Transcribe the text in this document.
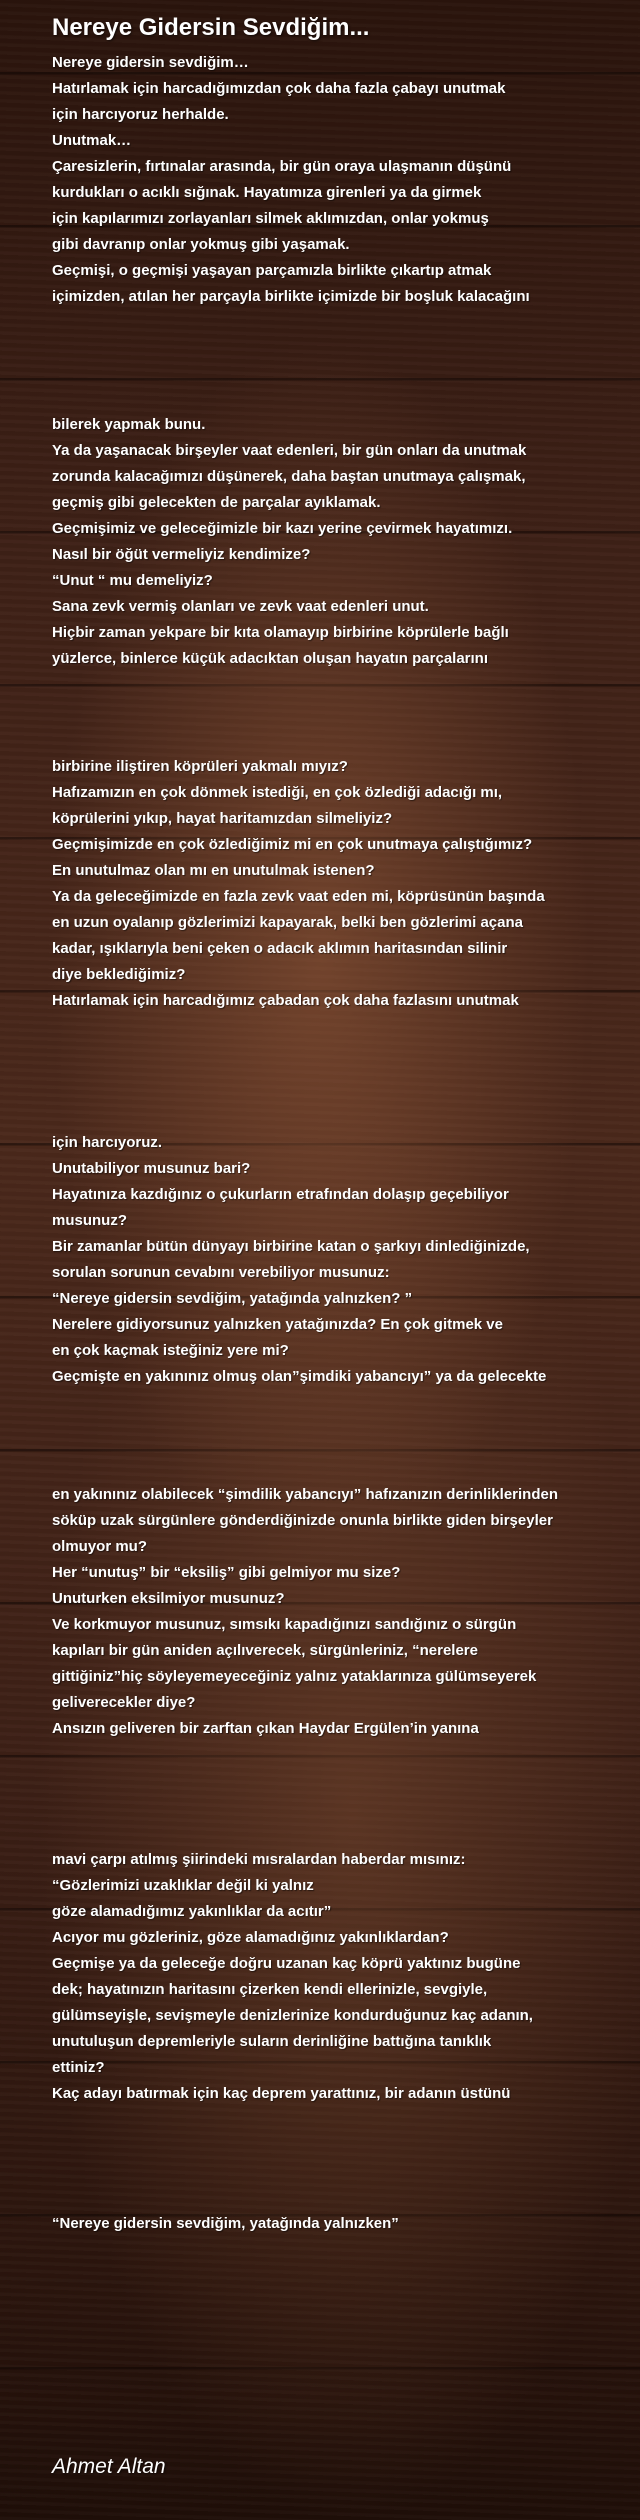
Nereye Gidersin Sevdiğim...
Nereye gidersin sevdiğim…
Hatırlamak için harcadığımızdan çok daha fazla çabayı unutmak
için harcıyoruz herhalde.
Unutmak…
Çaresizlerin, fırtınalar arasında, bir gün oraya ulaşmanın düşünü
kurdukları o acıklı sığınak. Hayatımıza girenleri ya da girmek
için kapılarımızı zorlayanları silmek aklımızdan, onlar yokmuş
gibi davranıp onlar yokmuş gibi yaşamak.
Geçmişi, o geçmişi yaşayan parçamızla birlikte çıkartıp atmak
içimizden, atılan her parçayla birlikte içimizde bir boşluk kalacağını
bilerek yapmak bunu.
Ya da yaşanacak birşeyler vaat edenleri, bir gün onları da unutmak
zorunda kalacağımızı düşünerek, daha baştan unutmaya çalışmak,
geçmiş gibi gelecekten de parçalar ayıklamak.
Geçmişimiz ve geleceğimizle bir kazı yerine çevirmek hayatımızı.
Nasıl bir öğüt vermeliyiz kendimize?
“Unut “ mu demeliyiz?
Sana zevk vermiş olanları ve zevk vaat edenleri unut.
Hiçbir zaman yekpare bir kıta olamayıp birbirine köprülerle bağlı
yüzlerce, binlerce küçük adacıktan oluşan hayatın parçalarını
birbirine iliştiren köprüleri yakmalı mıyız?
Hafızamızın en çok dönmek istediği, en çok özlediği adacığı mı,
köprülerini yıkıp, hayat haritamızdan silmeliyiz?
Geçmişimizde en çok özlediğimiz mi en çok unutmaya çalıştığımız?
En unutulmaz olan mı en unutulmak istenen?
Ya da geleceğimizde en fazla zevk vaat eden mi, köprüsünün başında
en uzun oyalanıp gözlerimizi kapayarak, belki ben gözlerimi açana
kadar, ışıklarıyla beni çeken o adacık aklımın haritasından silinir
diye beklediğimiz?
Hatırlamak için harcadığımız çabadan çok daha fazlasını unutmak
için harcıyoruz.
Unutabiliyor musunuz bari?
Hayatınıza kazdığınız o çukurların etrafından dolaşıp geçebiliyor
musunuz?
Bir zamanlar bütün dünyayı birbirine katan o şarkıyı dinlediğinizde,
sorulan sorunun cevabını verebiliyor musunuz:
“Nereye gidersin sevdiğim, yatağında yalnızken? ”
Nerelere gidiyorsunuz yalnızken yatağınızda? En çok gitmek ve
en çok kaçmak isteğiniz yere mi?
Geçmişte en yakınınız olmuş olan”şimdiki yabancıyı” ya da gelecekte
en yakınınız olabilecek “şimdilik yabancıyı” hafızanızın derinliklerinden
söküp uzak sürgünlere gönderdiğinizde onunla birlikte giden birşeyler
olmuyor mu?
Her “unutuş” bir “eksiliş” gibi gelmiyor mu size?
Unuturken eksilmiyor musunuz?
Ve korkmuyor musunuz, sımsıkı kapadığınızı sandığınız o sürgün
kapıları bir gün aniden açılıverecek, sürgünleriniz, “nerelere
gittiğiniz”hiç söyleyemeyeceğiniz yalnız yataklarınıza gülümseyerek
geliverecekler diye?
Ansızın geliveren bir zarftan çıkan Haydar Ergülen’in yanına
mavi çarpı atılmış şiirindeki mısralardan haberdar mısınız:
“Gözlerimizi uzaklıklar değil ki yalnız
göze alamadığımız yakınlıklar da acıtır”
Acıyor mu gözleriniz, göze alamadığınız yakınlıklardan?
Geçmişe ya da geleceğe doğru uzanan kaç köprü yaktınız bugüne
dek; hayatınızın haritasını çizerken kendi ellerinizle, sevgiyle,
gülümseyişle, sevişmeyle denizlerinize kondurduğunuz kaç adanın,
unutuluşun depremleriyle suların derinliğine battığına tanıklık
ettiniz?
Kaç adayı batırmak için kaç deprem yarattınız, bir adanın üstünü
“Nereye gidersin sevdiğim, yatağında yalnızken”
Ahmet Altan
